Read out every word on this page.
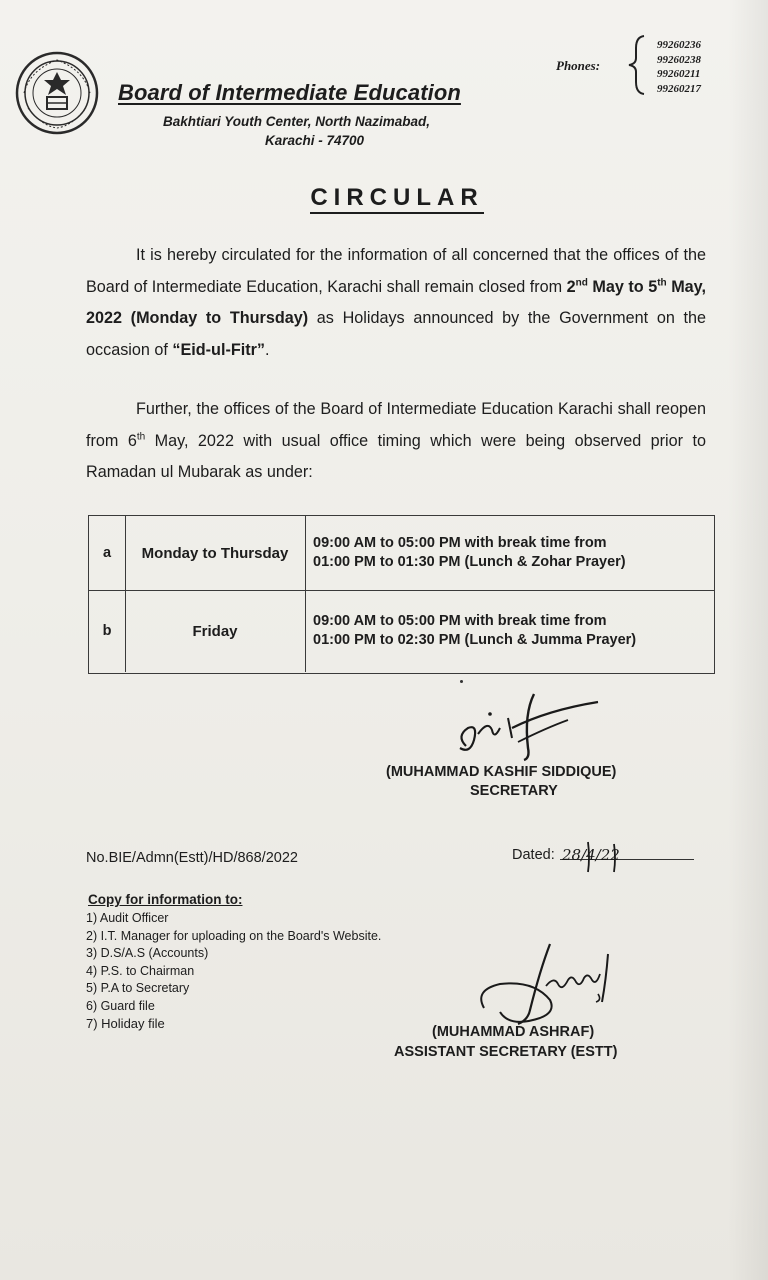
Board of Intermediate Education
Bakhtiari Youth Center, North Nazimabad,
Karachi - 74700
Phones:
99260236
99260238
99260211
99260217
CIRCULAR
It is hereby circulated for the information of all concerned that the offices of the Board of Intermediate Education, Karachi shall remain closed from 2nd May to 5th May, 2022 (Monday to Thursday) as Holidays announced by the Government on the occasion of “Eid-ul-Fitr”.
Further, the offices of the Board of Intermediate Education Karachi shall reopen from 6th May, 2022 with usual office timing which were being observed prior to Ramadan ul Mubarak as under:
a	Monday to Thursday
09:00 AM to 05:00 PM with break time from
01:00 PM to 01:30 PM (Lunch & Zohar Prayer)
b	Friday
09:00 AM to 05:00 PM with break time from
01:00 PM to 02:30 PM (Lunch & Jumma Prayer)
(MUHAMMAD KASHIF SIDDIQUE)
SECRETARY
No.BIE/Admn(Estt)/HD/868/2022	Dated: 28/4/22
Copy for information to:
1) Audit Officer
2) I.T. Manager for uploading on the Board's Website.
3) D.S/A.S (Accounts)
4) P.S. to Chairman
5) P.A to Secretary
6) Guard file
7) Holiday file
(MUHAMMAD ASHRAF)
ASSISTANT SECRETARY (ESTT)
